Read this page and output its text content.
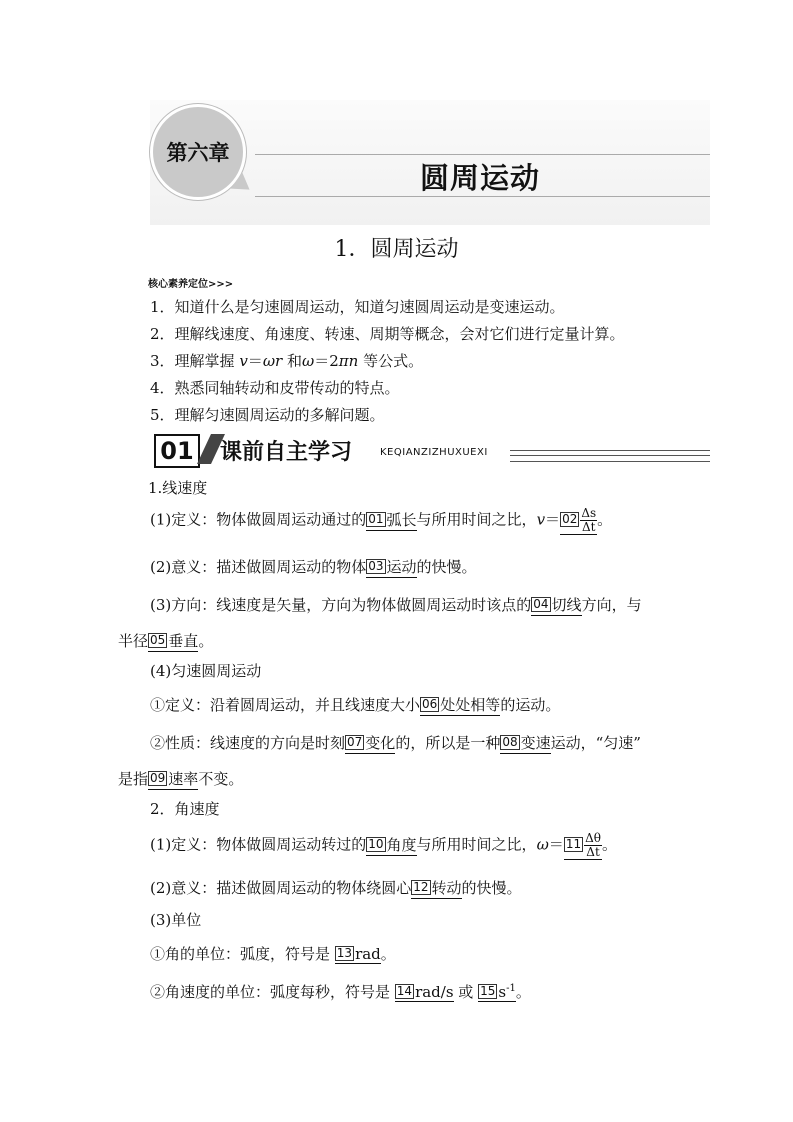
第六章
圆周运动
1．圆周运动
核心素养定位>>>
1．知道什么是匀速圆周运动，知道匀速圆周运动是变速运动。
2．理解线速度、角速度、转速、周期等概念，会对它们进行定量计算。
3．理解掌握 v＝ωr 和ω＝2πn 等公式。
4．熟悉同轴转动和皮带传动的特点。
5．理解匀速圆周运动的多解问题。
01 课前自主学习	KEQIANZIZHUXUEXI
1.线速度
(1)定义：物体做圆周运动通过的 01 弧长与所用时间之比，$v= 02 \frac{\Delta s}{\Delta t}$ 。
(2)意义：描述做圆周运动的物体 03 运动的快慢。
(3)方向：线速度是矢量，方向为物体做圆周运动时该点的 04 切线方向，与
半径 05 垂直。
(4)匀速圆周运动
①定义：沿着圆周运动，并且线速度大小 06 处处相等的运动。
②性质：线速度的方向是时刻 07 变化的，所以是一种 08 变速运动，“匀速”
是指 09 速率不变。
2．角速度
(1)定义：物体做圆周运动转过的 10 角度与所用时间之比，$\omega= 11 \frac{\Delta\theta}{\Delta t}$ 。
(2)意义：描述做圆周运动的物体绕圆心 12 转动的快慢。
(3)单位
①角的单位：弧度，符号是 13 rad。
②角速度的单位：弧度每秒，符号是 14 rad/s 或 15 $s^{-1}$。
